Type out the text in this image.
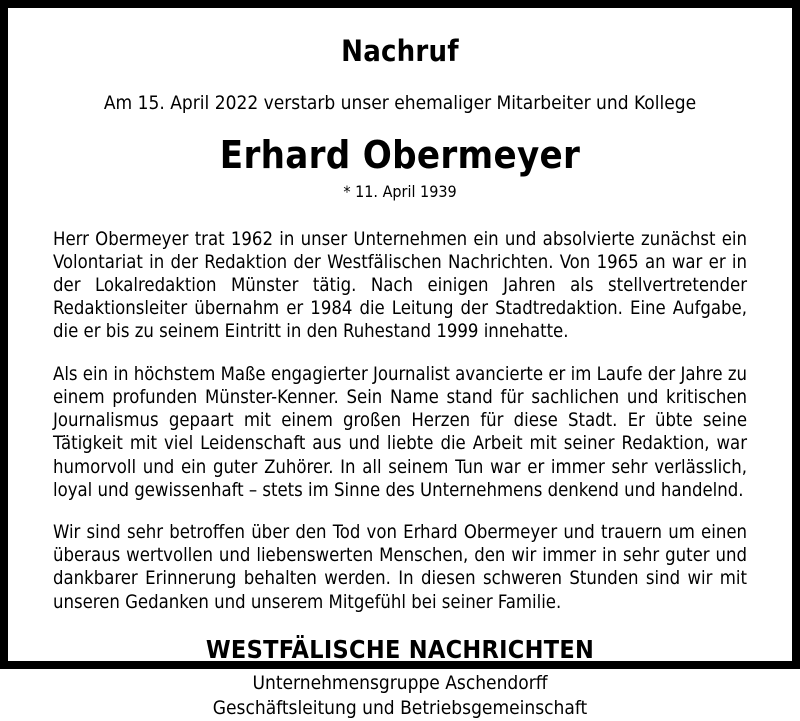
Nachruf
Am 15. April 2022 verstarb unser ehemaliger Mitarbeiter und Kollege
Erhard Obermeyer
* 11. April 1939

Herr Obermeyer trat 1962 in unser Unternehmen ein und absolvierte zunächst ein Volontariat in der Redaktion der Westfälischen Nachrichten. Von 1965 an war er in der Lokalredaktion Münster tätig. Nach einigen Jahren als stellvertretender Redaktionsleiter übernahm er 1984 die Leitung der Stadtredaktion. Eine Aufgabe, die er bis zu seinem Eintritt in den Ruhestand 1999 innehatte.

Als ein in höchstem Maße engagierter Journalist avancierte er im Laufe der Jahre zu einem profunden Münster-Kenner. Sein Name stand für sachlichen und kritischen Journalismus gepaart mit einem großen Herzen für diese Stadt. Er übte seine Tätigkeit mit viel Leidenschaft aus und liebte die Arbeit mit seiner Redaktion, war humorvoll und ein guter Zuhörer. In all seinem Tun war er immer sehr verlässlich, loyal und gewissenhaft – stets im Sinne des Unternehmens denkend und handelnd.

Wir sind sehr betroffen über den Tod von Erhard Obermeyer und trauern um einen überaus wertvollen und liebenswerten Menschen, den wir immer in sehr guter und dankbarer Erinnerung behalten werden. In diesen schweren Stunden sind wir mit unseren Gedanken und unserem Mitgefühl bei seiner Familie.

WESTFÄLISCHE NACHRICHTEN
Unternehmensgruppe Aschendorff
Geschäftsleitung und Betriebsgemeinschaft
